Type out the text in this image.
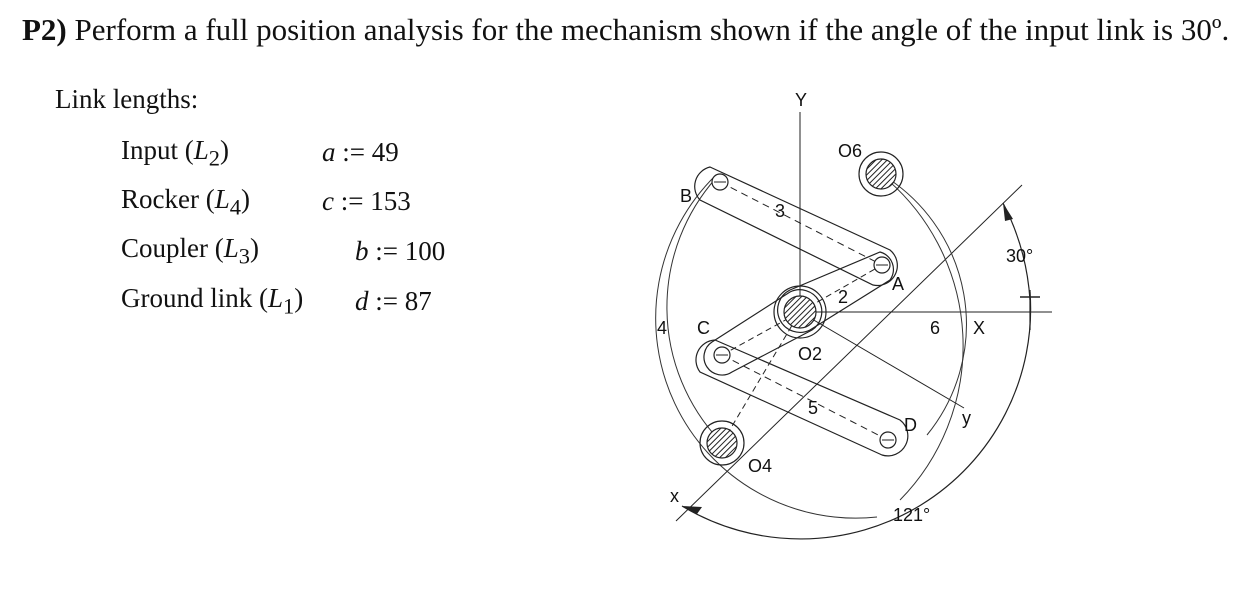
P2) Perform a full position analysis for the mechanism shown if the angle of the input link is 30º.
Link lengths:
Input $(L_2)$	a := 49
Rocker $(L_4)$	c := 153
Coupler $(L_3)$	b := 100
Ground link $(L_1)$ d := 87
Y
O6
B
3
A
2
30°
4 C
O2
6 X
5
D	y
O4
x
121°
